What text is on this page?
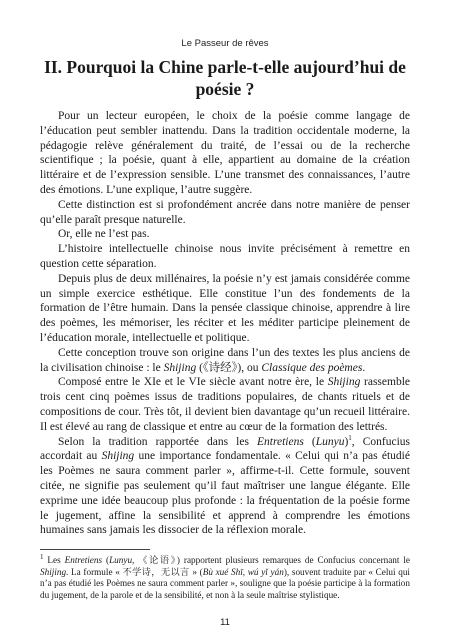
Le Passeur de rêves
II. Pourquoi la Chine parle-t-elle aujourd’hui de
poésie ?

Pour un lecteur européen, le choix de la poésie comme langage de l’éducation peut sembler inattendu. Dans la tradition occidentale moderne, la pédagogie relève généralement du traité, de l’essai ou de la recherche scientifique ; la poésie, quant à elle, appartient au domaine de la création littéraire et de l’expression sensible. L’une transmet des connaissances, l’autre des émotions. L’une explique, l’autre suggère.

Cette distinction est si profondément ancrée dans notre manière de penser qu’elle paraît presque naturelle.

Or, elle ne l’est pas.

L’histoire intellectuelle chinoise nous invite précisément à remettre en question cette séparation.

Depuis plus de deux millénaires, la poésie n’y est jamais considérée comme un simple exercice esthétique. Elle constitue l’un des fondements de la formation de l’être humain. Dans la pensée classique chinoise, apprendre à lire des poèmes, les mémoriser, les réciter et les méditer participe pleinement de l’éducation morale, intellectuelle et politique.

Cette conception trouve son origine dans l’un des textes les plus anciens de la civilisation chinoise : le Shijing (《诗经》), ou Classique des poèmes.

Composé entre le XIe et le VIe siècle avant notre ère, le Shijing rassemble trois cent cinq poèmes issus de traditions populaires, de chants rituels et de compositions de cour. Très tôt, il devient bien davantage qu’un recueil littéraire. Il est élevé au rang de classique et entre au cœur de la formation des lettrés.

Selon la tradition rapportée dans les Entretiens (Lunyu)$^1$, Confucius accordait au Shijing une importance fondamentale. « Celui qui n’a pas étudié les Poèmes ne saura comment parler », affirme-t-il. Cette formule, souvent citée, ne signifie pas seulement qu’il faut maîtriser une langue élégante. Elle exprime une idée beaucoup plus profonde : la fréquentation de la poésie forme le jugement, affine la sensibilité et apprend à comprendre les émotions humaines sans jamais les dissocier de la réflexion morale.

$^1$ Les Entretiens (Lunyu, 《论语》) rapportent plusieurs remarques de Confucius concernant le Shijing. La formule « 不学诗，无以言 » (Bù xué Shī, wú yǐ yán), souvent traduite par « Celui qui n’a pas étudié les Poèmes ne saura comment parler », souligne que la poésie participe à la formation du jugement, de la parole et de la sensibilité, et non à la seule maîtrise stylistique.

11
